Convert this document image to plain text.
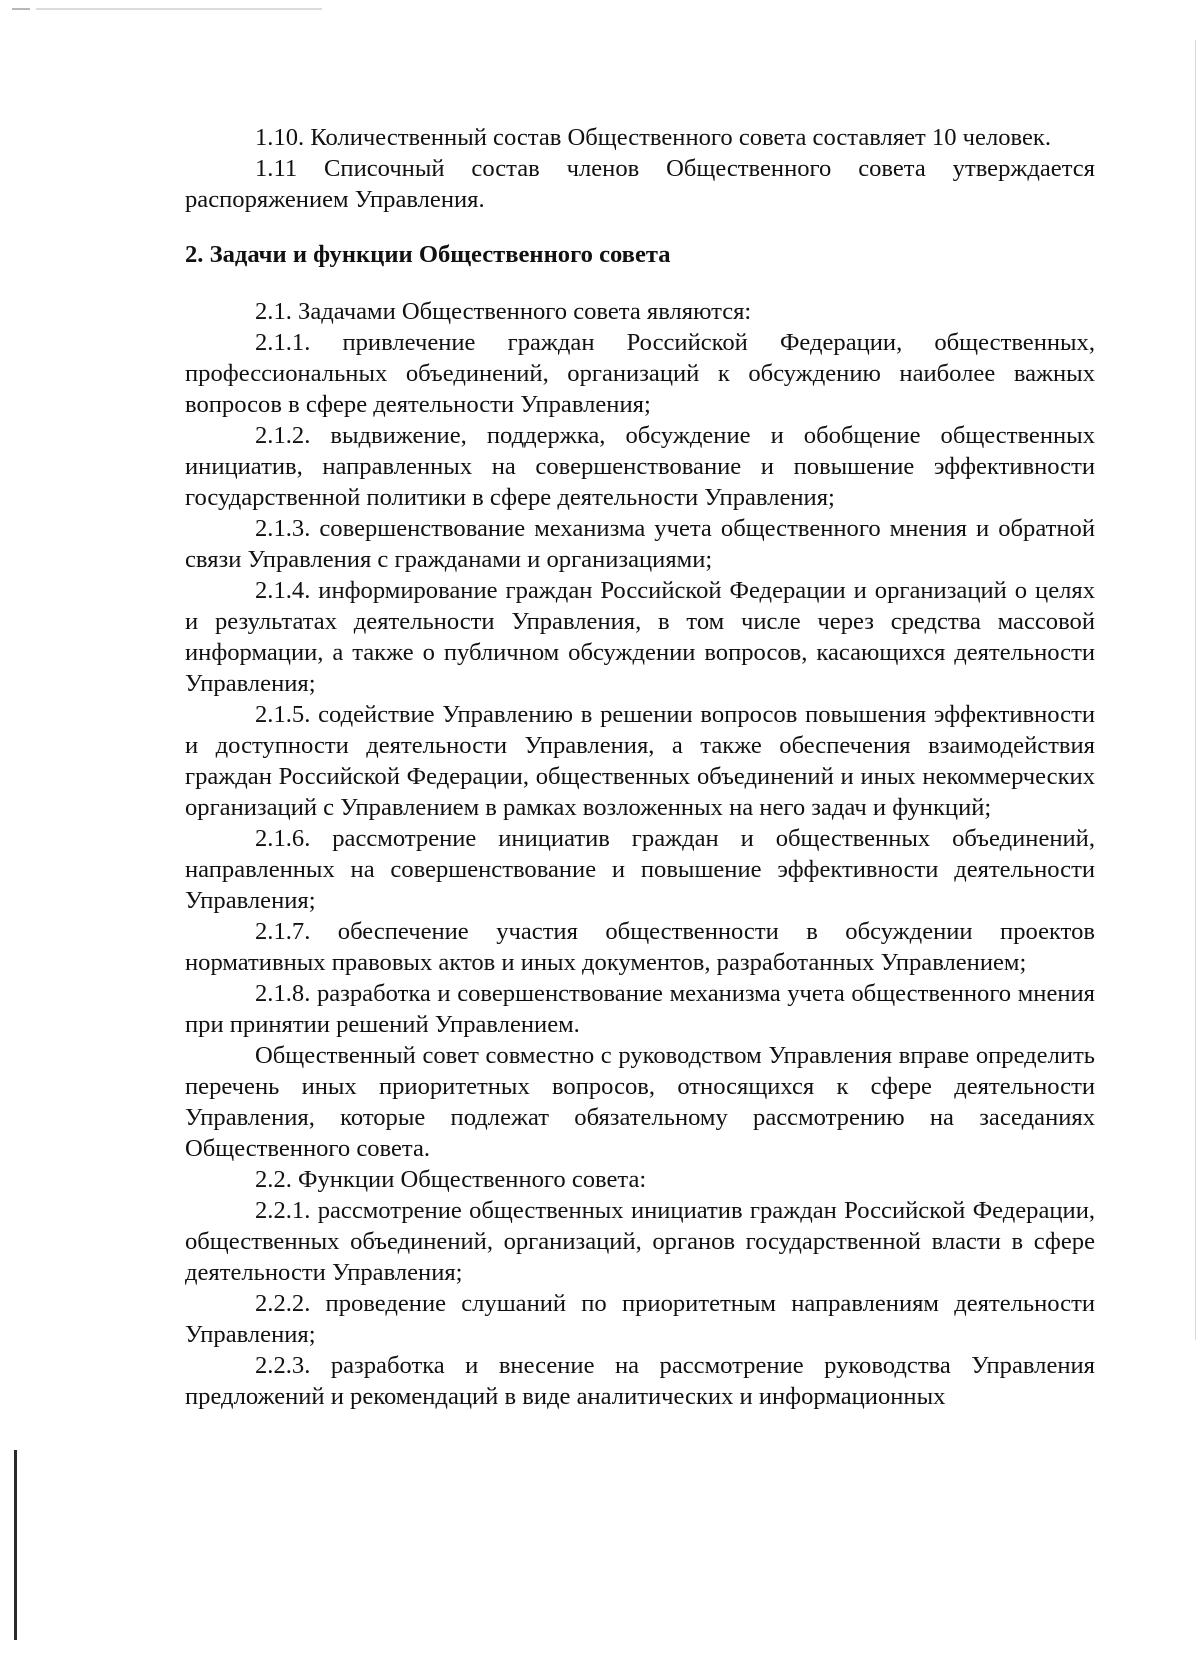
1.10. Количественный состав Общественного совета составляет 10 человек.

1.11 Списочный состав членов Общественного совета утверждается распоряжением Управления.

2. Задачи и функции Общественного совета

2.1. Задачами Общественного совета являются:

2.1.1. привлечение граждан Российской Федерации, общественных, профессиональных объединений, организаций к обсуждению наиболее важных вопросов в сфере деятельности Управления;

2.1.2. выдвижение, поддержка, обсуждение и обобщение общественных инициатив, направленных на совершенствование и повышение эффективности государственной политики в сфере деятельности Управления;

2.1.3. совершенствование механизма учета общественного мнения и обратной связи Управления с гражданами и организациями;

2.1.4. информирование граждан Российской Федерации и организаций о целях и результатах деятельности Управления, в том числе через средства массовой информации, а также о публичном обсуждении вопросов, касающихся деятельности Управления;

2.1.5. содействие Управлению в решении вопросов повышения эффективности и доступности деятельности Управления, а также обеспечения взаимодействия граждан Российской Федерации, общественных объединений и иных некоммерческих организаций с Управлением в рамках возложенных на него задач и функций;

2.1.6. рассмотрение инициатив граждан и общественных объединений, направленных на совершенствование и повышение эффективности деятельности Управления;

2.1.7. обеспечение участия общественности в обсуждении проектов нормативных правовых актов и иных документов, разработанных Управлением;

2.1.8. разработка и совершенствование механизма учета общественного мнения при принятии решений Управлением.

Общественный совет совместно с руководством Управления вправе определить перечень иных приоритетных вопросов, относящихся к сфере деятельности Управления, которые подлежат обязательному рассмотрению на заседаниях Общественного совета.

2.2. Функции Общественного совета:

2.2.1. рассмотрение общественных инициатив граждан Российской Федерации, общественных объединений, организаций, органов государственной власти в сфере деятельности Управления;

2.2.2. проведение слушаний по приоритетным направлениям деятельности Управления;

2.2.3. разработка и внесение на рассмотрение руководства Управления предложений и рекомендаций в виде аналитических и информационных
